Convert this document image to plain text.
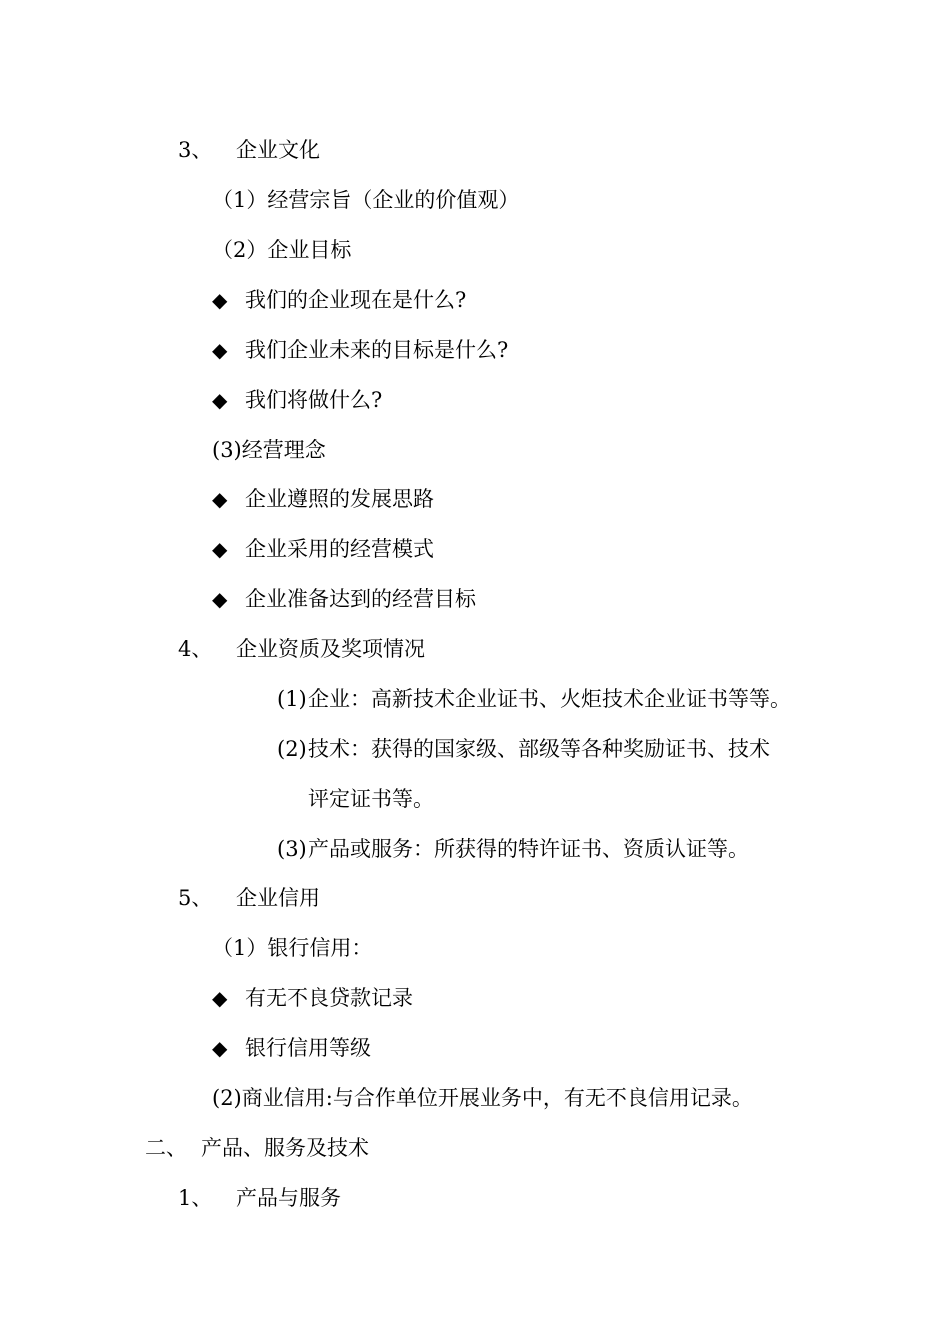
3、 企业文化
（1）经营宗旨（企业的价值观）
（2）企业目标
◆ 我们的企业现在是什么?
◆ 我们企业未来的目标是什么?
◆ 我们将做什么?
(3)经营理念
◆ 企业遵照的发展思路
◆ 企业采用的经营模式
◆ 企业准备达到的经营目标
4、 企业资质及奖项情况
(1) 企业：高新技术企业证书、火炬技术企业证书等等。
(2) 技术：获得的国家级、部级等各种奖励证书、技术
评定证书等。
(3) 产品或服务：所获得的特许证书、资质认证等。
5、 企业信用
（1）银行信用：
◆ 有无不良贷款记录
◆ 银行信用等级
(2)商业信用:与合作单位开展业务中，有无不良信用记录。
二、 产品、服务及技术
1、 产品与服务
